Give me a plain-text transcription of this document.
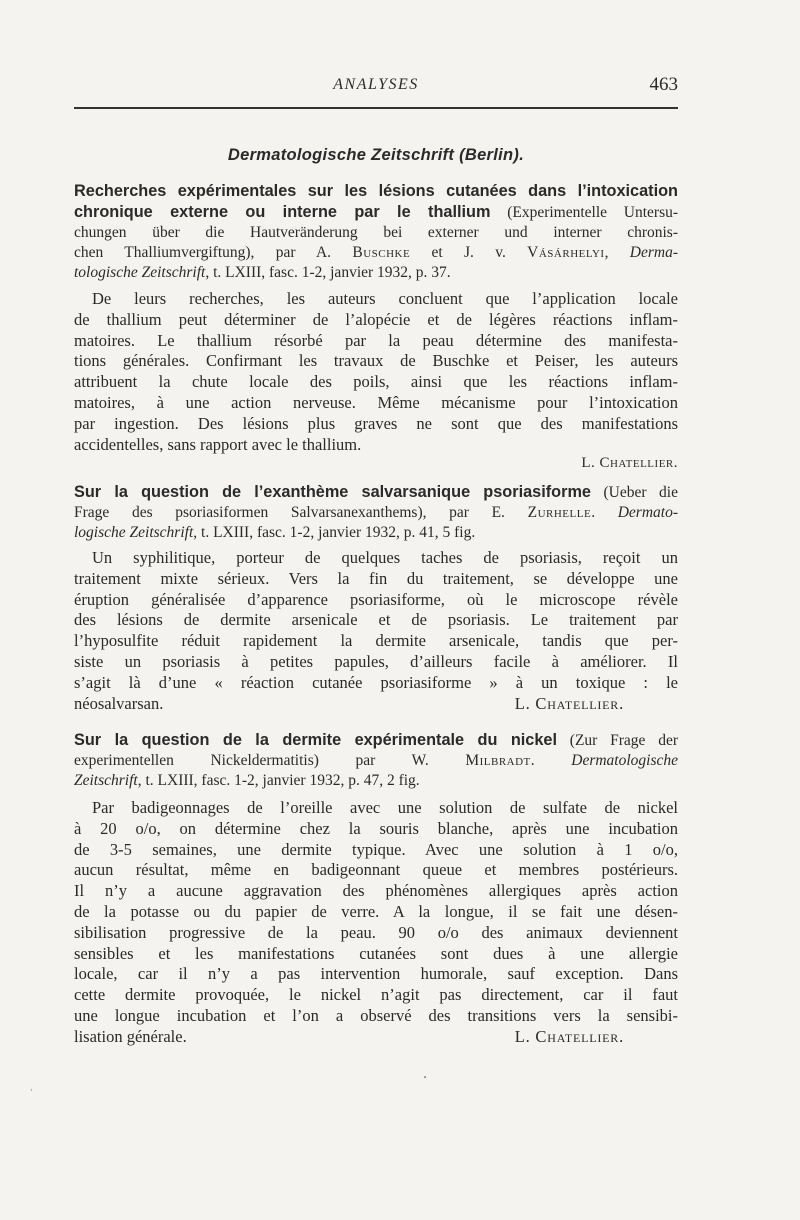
ANALYSES	463
Dermatologische Zeitschrift (Berlin).

Recherches expérimentales sur les lésions cutanées dans l’intoxication

chronique externe ou interne par le thallium (Experimentelle Untersu-

chungen über die Hautveränderung bei externer und interner chronis-

chen Thalliumvergiftung), par A. Buschke et J. v. Vásárhelyi, Derma-

tologische Zeitschrift, t. LXIII, fasc. 1-2, janvier 1932, p. 37.

De leurs recherches, les auteurs concluent que l’application locale

de thallium peut déterminer de l’alopécie et de légères réactions inflam-

matoires. Le thallium résorbé par la peau détermine des manifesta-

tions générales. Confirmant les travaux de Buschke et Peiser, les auteurs

attribuent la chute locale des poils, ainsi que les réactions inflam-

matoires, à une action nerveuse. Même mécanisme pour l’intoxication

par ingestion. Des lésions plus graves ne sont que des manifestations

accidentelles, sans rapport avec le thallium.

L. Chatellier.

Sur la question de l’exanthème salvarsanique psoriasiforme (Ueber die

Frage des psoriasiformen Salvarsanexanthems), par E. Zurhelle. Dermato-

logische Zeitschrift, t. LXIII, fasc. 1-2, janvier 1932, p. 41, 5 fig.

Un syphilitique, porteur de quelques taches de psoriasis, reçoit un

traitement mixte sérieux. Vers la fin du traitement, se développe une

éruption généralisée d’apparence psoriasiforme, où le microscope révèle

des lésions de dermite arsenicale et de psoriasis. Le traitement par

l’hyposulfite réduit rapidement la dermite arsenicale, tandis que per-

siste un psoriasis à petites papules, d’ailleurs facile à améliorer. Il

s’agit là d’une « réaction cutanée psoriasiforme » à un toxique : le

néosalvarsan.	L. Chatellier.

Sur la question de la dermite expérimentale du nickel (Zur Frage der

experimentellen Nickeldermatitis) par W. Milbradt. Dermatologische

Zeitschrift, t. LXIII, fasc. 1-2, janvier 1932, p. 47, 2 fig.

Par badigeonnages de l’oreille avec une solution de sulfate de nickel

à 20 o/o, on détermine chez la souris blanche, après une incubation

de 3-5 semaines, une dermite typique. Avec une solution à 1 o/o,

aucun résultat, même en badigeonnant queue et membres postérieurs.

Il n’y a aucune aggravation des phénomènes allergiques après action

de la potasse ou du papier de verre. A la longue, il se fait une désen-

sibilisation progressive de la peau. 90 o/o des animaux deviennent

sensibles et les manifestations cutanées sont dues à une allergie

locale, car il n’y a pas intervention humorale, sauf exception. Dans

cette dermite provoquée, le nickel n’agit pas directement, car il faut

une longue incubation et l’on a observé des transitions vers la sensibi-

lisation générale.	L. Chatellier.

ˌ
•
